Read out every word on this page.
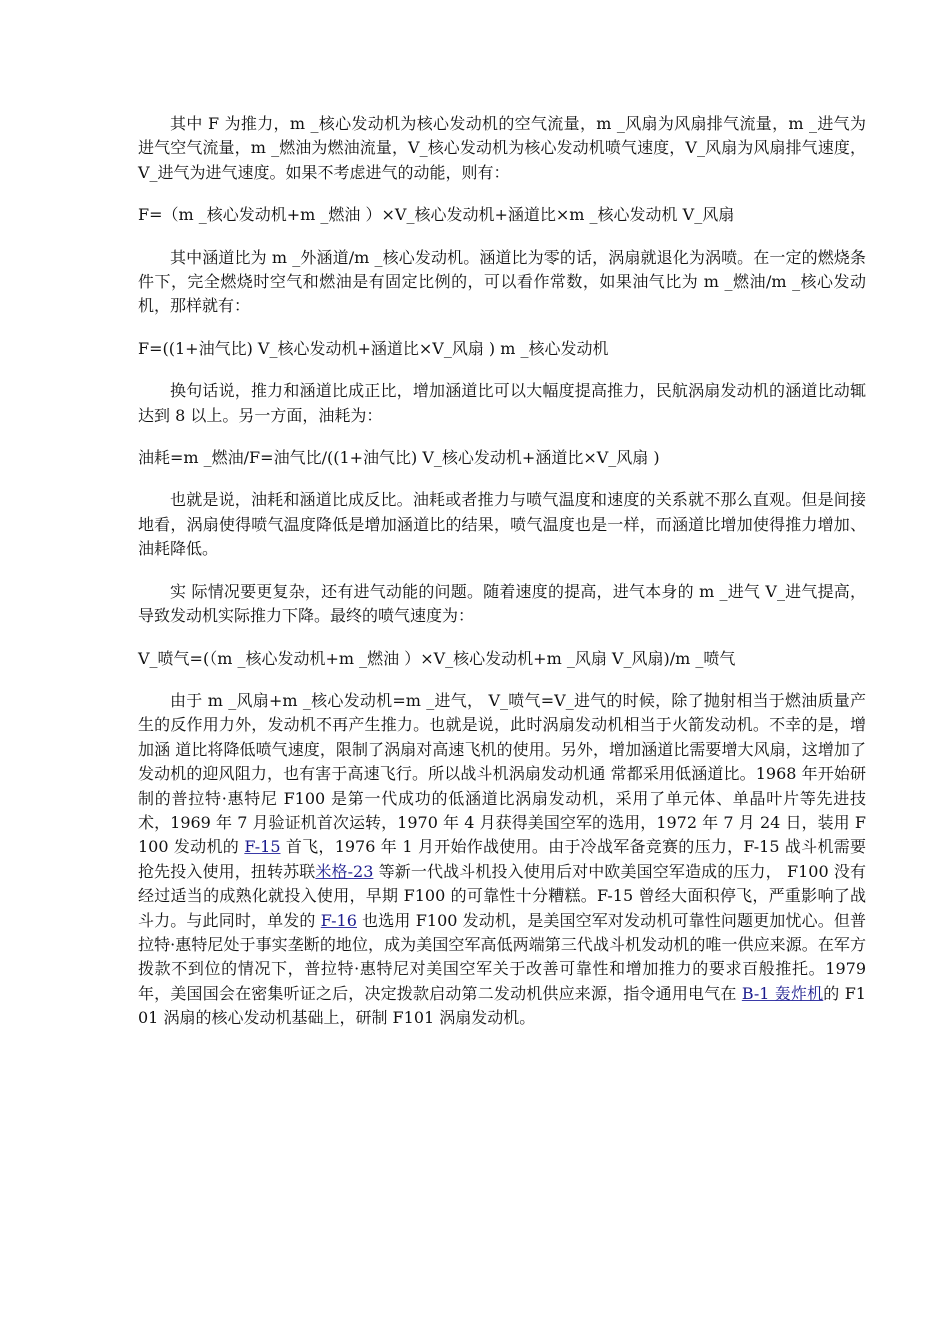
其中 F 为推力，m _核心发动机为核心发动机的空气流量，m _风扇为风扇排气流量，m _进气为进气空气流量，m _燃油为燃油流量，V_核心发动机为核心发动机喷气速度，V_风扇为风扇排气速度，V_进气为进气速度。如果不考虑进气的动能，则有：

F=（m _核心发动机+m _燃油 ）×V_核心发动机+涵道比×m _核心发动机 V_风扇

其中涵道比为 m _外涵道/m _核心发动机。涵道比为零的话，涡扇就退化为涡喷。在一定的燃烧条件下，完全燃烧时空气和燃油是有固定比例的，可以看作常数，如果油气比为 m _燃油/m _核心发动机，那样就有：

F=((1+油气比) V_核心发动机+涵道比×V_风扇 ) m _核心发动机

换句话说，推力和涵道比成正比，增加涵道比可以大幅度提高推力，民航涡扇发动机的涵道比动辄达到 8 以上。另一方面，油耗为：

油耗=m _燃油/F=油气比/((1+油气比) V_核心发动机+涵道比×V_风扇 )

也就是说，油耗和涵道比成反比。油耗或者推力与喷气温度和速度的关系就不那么直观。但是间接地看，涡扇使得喷气温度降低是增加涵道比的结果，喷气温度也是一样，而涵道比增加使得推力增加、油耗降低。

实 际情况要更复杂，还有进气动能的问题。随着速度的提高，进气本身的 m _进气 V_进气提高，导致发动机实际推力下降。最终的喷气速度为：

V_喷气=(（m _核心发动机+m _燃油 ）×V_核心发动机+m _风扇 V_风扇)/m _喷气

由于 m _风扇+m _核心发动机=m _进气， V_喷气=V_进气的时候，除了抛射相当于燃油质量产生的反作用力外，发动机不再产生推力。也就是说，此时涡扇发动机相当于火箭发动机。不幸的是，增加涵 道比将降低喷气速度，限制了涡扇对高速飞机的使用。另外，增加涵道比需要增大风扇，这增加了发动机的迎风阻力，也有害于高速飞行。所以战斗机涡扇发动机通 常都采用低涵道比。1968 年开始研制的普拉特·惠特尼 F100 是第一代成功的低涵道比涡扇发动机，采用了单元体、单晶叶片等先进技术，1969 年 7 月验证机首次运转，1970 年 4 月获得美国空军的选用，1972 年 7 月 24 日，装用 F100 发动机的 F-15 首飞，1976 年 1 月开始作战使用。由于冷战军备竞赛的压力，F-15 战斗机需要抢先投入使用，扭转苏联米格-23 等新一代战斗机投入使用后对中欧美国空军造成的压力， F100 没有经过适当的成熟化就投入使用，早期 F100 的可靠性十分糟糕。F-15 曾经大面积停飞，严重影响了战斗力。与此同时，单发的 F-16 也选用 F100 发动机，是美国空军对发动机可靠性问题更加忧心。但普拉特·惠特尼处于事实垄断的地位，成为美国空军高低两端第三代战斗机发动机的唯一供应来源。在军方拨款不到位的情况下，普拉特·惠特尼对美国空军关于改善可靠性和增加推力的要求百般推托。1979 年，美国国会在密集听证之后，决定拨款启动第二发动机供应来源，指令通用电气在 B-1 轰炸机的 F101 涡扇的核心发动机基础上，研制 F101 涡扇发动机。
